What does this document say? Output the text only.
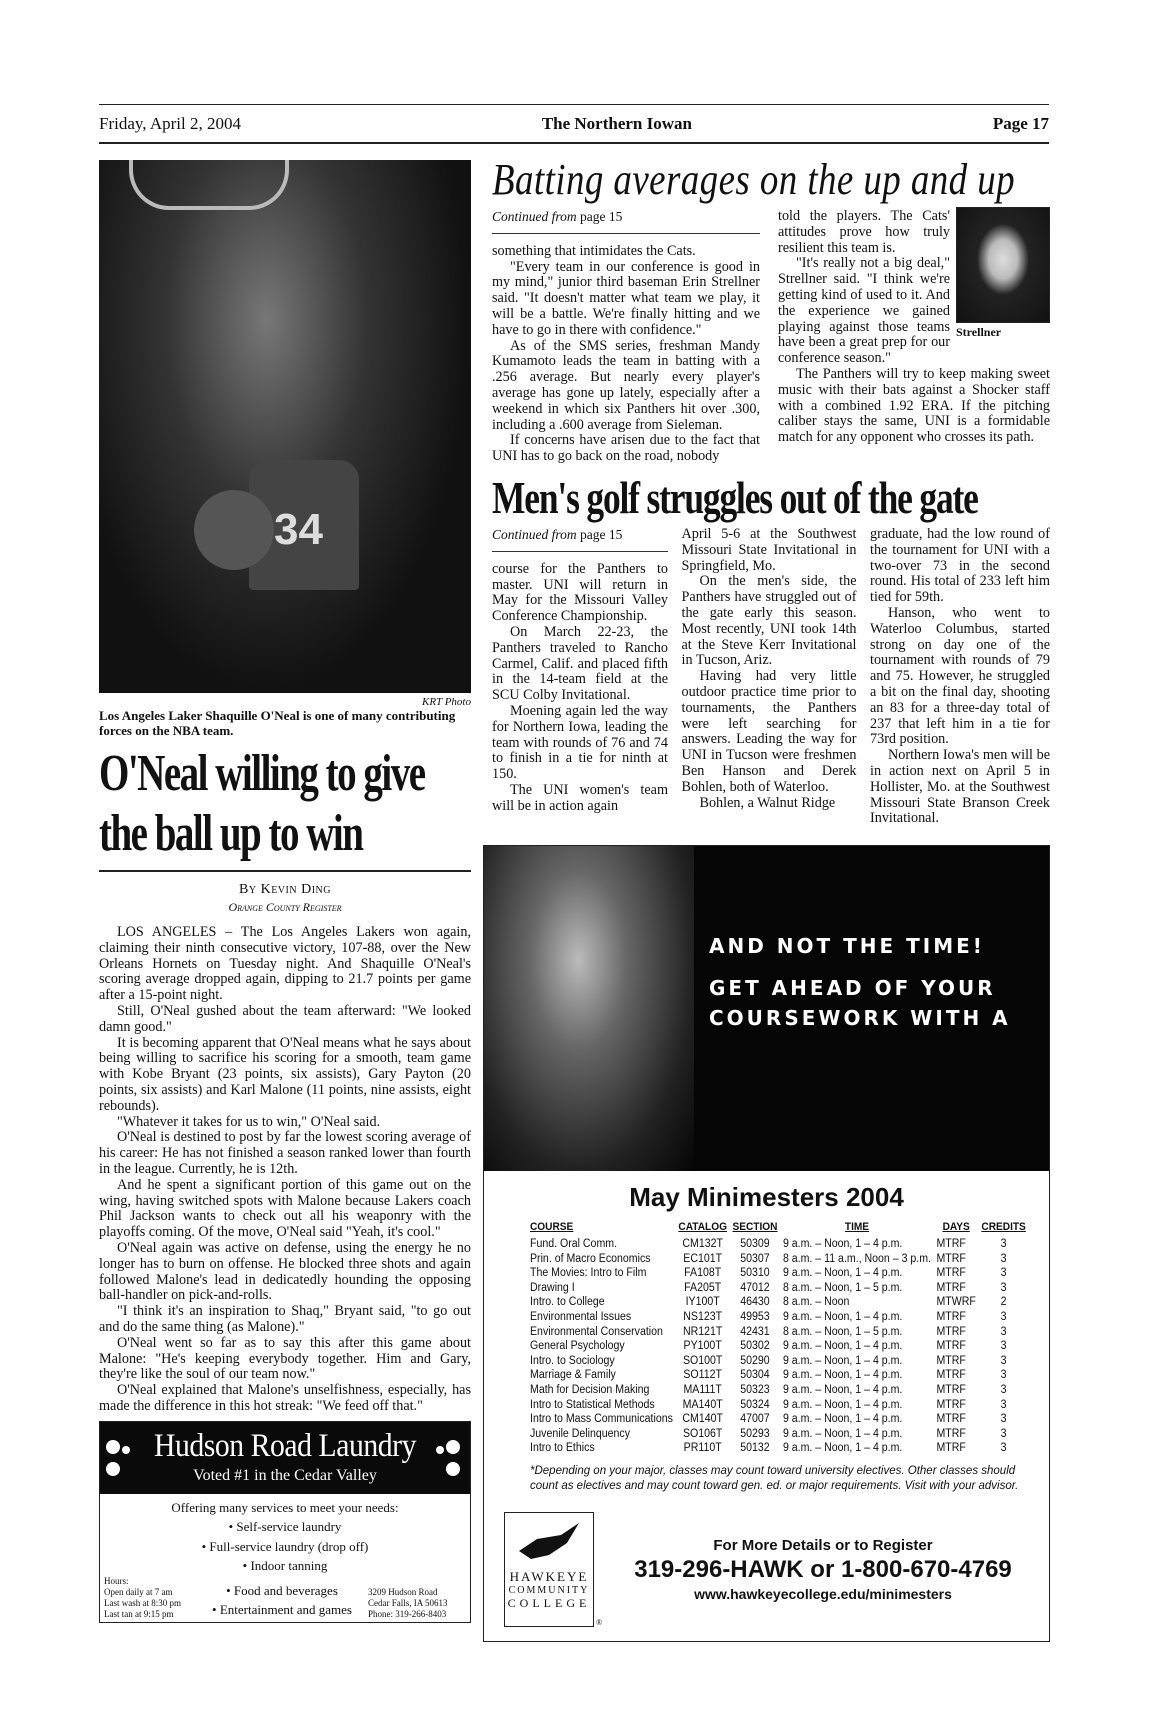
Friday, April 2, 2004	The Northern Iowan	Page 17
34
KRT Photo
Los Angeles Laker Shaquille O'Neal is one of many contributing forces on the NBA team.
O'Neal willing to give
the ball up to win
By Kevin Ding
Orange County Register

LOS ANGELES – The Los Angeles Lakers won again, claiming their ninth consecutive victory, 107-88, over the New Orleans Hornets on Tuesday night. And Shaquille O'Neal's scoring average dropped again, dipping to 21.7 points per game after a 15-point night.

Still, O'Neal gushed about the team afterward: "We looked damn good."

It is becoming apparent that O'Neal means what he says about being willing to sacrifice his scoring for a smooth, team game with Kobe Bryant (23 points, six assists), Gary Payton (20 points, six assists) and Karl Malone (11 points, nine assists, eight rebounds).

"Whatever it takes for us to win," O'Neal said.

O'Neal is destined to post by far the lowest scoring average of his career: He has not finished a season ranked lower than fourth in the league. Currently, he is 12th.

And he spent a significant portion of this game out on the wing, having switched spots with Malone because Lakers coach Phil Jackson wants to check out all his weaponry with the playoffs coming. Of the move, O'Neal said "Yeah, it's cool."

O'Neal again was active on defense, using the energy he no longer has to burn on offense. He blocked three shots and again followed Malone's lead in dedicatedly hounding the opposing ball-handler on pick-and-rolls.

"I think it's an inspiration to Shaq," Bryant said, "to go out and do the same thing (as Malone)."

O'Neal went so far as to say this after this game about Malone: "He's keeping everybody together. Him and Gary, they're like the soul of our team now."

O'Neal explained that Malone's unselfishness, especially, has made the difference in this hot streak: "We feed off that."

Hudson Road Laundry
Voted #1 in the Cedar Valley
Offering many services to meet your needs:
• Self-service laundry
• Full-service laundry (drop off)
• Indoor tanning
Hours:
Open daily at 7 am
Last wash at 8:30 pm
Last tan at 9:15 pm
• Food and beverages
• Entertainment and games
3209 Hudson Road
Cedar Falls, IA 50613
Phone: 319-266-8403
Batting averages on the up and up
Continued from page 15

something that intimidates the Cats.

"Every team in our conference is good in my mind," junior third baseman Erin Strellner said. "It doesn't matter what team we play, it will be a battle. We're finally hitting and we have to go in there with confidence."

As of the SMS series, freshman Mandy Kumamoto leads the team in batting with a .256 average. But nearly every player's average has gone up lately, especially after a weekend in which six Panthers hit over .300, including a .600 average from Sieleman.

If concerns have arisen due to the fact that UNI has to go back on the road, nobody

Strellner

told the players. The Cats' attitudes prove how truly resilient this team is.

"It's really not a big deal," Strellner said. "I think we're getting kind of used to it. And the experience we gained playing against those teams have been a great prep for our conference season."

The Panthers will try to keep making sweet music with their bats against a Shocker staff with a combined 1.92 ERA. If the pitching caliber stays the same, UNI is a formidable match for any opponent who crosses its path.

Men's golf struggles out of the gate
Continued from page 15

course for the Panthers to master. UNI will return in May for the Missouri Valley Conference Championship.

On March 22-23, the Panthers traveled to Rancho Carmel, Calif. and placed fifth in the 14-team field at the SCU Colby Invitational.

Moening again led the way for Northern Iowa, leading the team with rounds of 76 and 74 to finish in a tie for ninth at 150.

The UNI women's team will be in action again

April 5-6 at the Southwest Missouri State Invitational in Springfield, Mo.

On the men's side, the Panthers have struggled out of the gate early this season. Most recently, UNI took 14th at the Steve Kerr Invitational in Tucson, Ariz.

Having had very little outdoor practice time prior to tournaments, the Panthers were left searching for answers. Leading the way for UNI in Tucson were freshmen Ben Hanson and Derek Bohlen, both of Waterloo.

Bohlen, a Walnut Ridge

graduate, had the low round of the tournament for UNI with a two-over 73 in the second round. His total of 233 left him tied for 59th.

Hanson, who went to Waterloo Columbus, started strong on day one of the tournament with rounds of 79 and 75. However, he struggled a bit on the final day, shooting an 83 for a three-day total of 237 that left him in a tie for 73rd position.

Northern Iowa's men will be in action next on April 5 in Hollister, Mo. at the Southwest Missouri State Branson Creek Invitational.

AND NOT THE TIME!
GET AHEAD OF YOUR
COURSEWORK WITH A
May Minimesters 2004
COURSE	CATALOG	SECTION	TIME	DAYS	CREDITS
Fund. Oral Comm.	CM132T	50309	9 a.m. – Noon, 1 – 4 p.m.	MTRF	3
Prin. of Macro Economics	EC101T	50307	8 a.m. – 11 a.m., Noon – 3 p.m.	MTRF	3
The Movies: Intro to Film	FA108T	50310	9 a.m. – Noon, 1 – 4 p.m.	MTRF	3
Drawing I	FA205T	47012	8 a.m. – Noon, 1 – 5 p.m.	MTRF	3
Intro. to College	IY100T	46430	8 a.m. – Noon	MTWRF	2
Environmental Issues	NS123T	49953	9 a.m. – Noon, 1 – 4 p.m.	MTRF	3
Environmental Conservation	NR121T	42431	8 a.m. – Noon, 1 – 5 p.m.	MTRF	3
General Psychology	PY100T	50302	9 a.m. – Noon, 1 – 4 p.m.	MTRF	3
Intro. to Sociology	SO100T	50290	9 a.m. – Noon, 1 – 4 p.m.	MTRF	3
Marriage & Family	SO112T	50304	9 a.m. – Noon, 1 – 4 p.m.	MTRF	3
Math for Decision Making	MA111T	50323	9 a.m. – Noon, 1 – 4 p.m.	MTRF	3
Intro to Statistical Methods	MA140T	50324	9 a.m. – Noon, 1 – 4 p.m.	MTRF	3
Intro to Mass Communications	CM140T	47007	9 a.m. – Noon, 1 – 4 p.m.	MTRF	3
Juvenile Delinquency	SO106T	50293	9 a.m. – Noon, 1 – 4 p.m.	MTRF	3
Intro to Ethics	PR110T	50132	9 a.m. – Noon, 1 – 4 p.m.	MTRF	3
*Depending on your major, classes may count toward university electives. Other classes should count as electives and may count toward gen. ed. or major requirements. Visit with your advisor.
HAWKEYE
COMMUNITY
COLLEGE
®
For More Details or to Register
319-296-HAWK or 1-800-670-4769
www.hawkeyecollege.edu/minimesters
